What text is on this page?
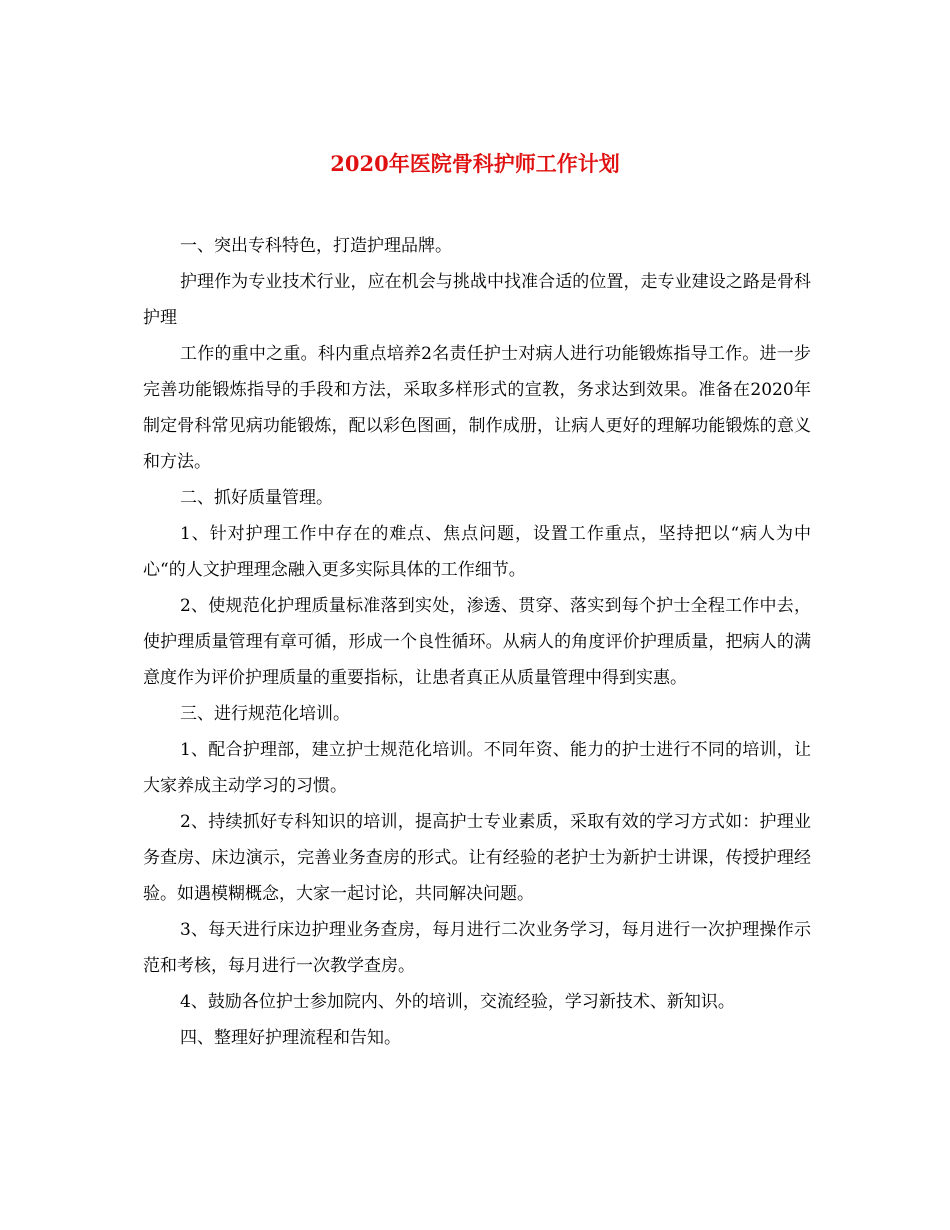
2020年医院骨科护师工作计划

一、突出专科特色，打造护理品牌。

护理作为专业技术行业，应在机会与挑战中找准合适的位置，走专业建设之路是骨科护理

工作的重中之重。科内重点培养2名责任护士对病人进行功能锻炼指导工作。进一步完善功能锻炼指导的手段和方法，采取多样形式的宣教，务求达到效果。准备在2020年制定骨科常见病功能锻炼，配以彩色图画，制作成册，让病人更好的理解功能锻炼的意义和方法。

二、抓好质量管理。

1、针对护理工作中存在的难点、焦点问题，设置工作重点，坚持把以“病人为中心“的人文护理理念融入更多实际具体的工作细节。

2、使规范化护理质量标准落到实处，渗透、贯穿、落实到每个护士全程工作中去，使护理质量管理有章可循，形成一个良性循环。从病人的角度评价护理质量，把病人的满意度作为评价护理质量的重要指标，让患者真正从质量管理中得到实惠。

三、进行规范化培训。

1、配合护理部，建立护士规范化培训。不同年资、能力的护士进行不同的培训，让大家养成主动学习的习惯。

2、持续抓好专科知识的培训，提高护士专业素质，采取有效的学习方式如：护理业务查房、床边演示，完善业务查房的形式。让有经验的老护士为新护士讲课，传授护理经验。如遇模糊概念，大家一起讨论，共同解决问题。

3、每天进行床边护理业务查房，每月进行二次业务学习，每月进行一次护理操作示范和考核，每月进行一次教学查房。

4、鼓励各位护士参加院内、外的培训，交流经验，学习新技术、新知识。

四、整理好护理流程和告知。
